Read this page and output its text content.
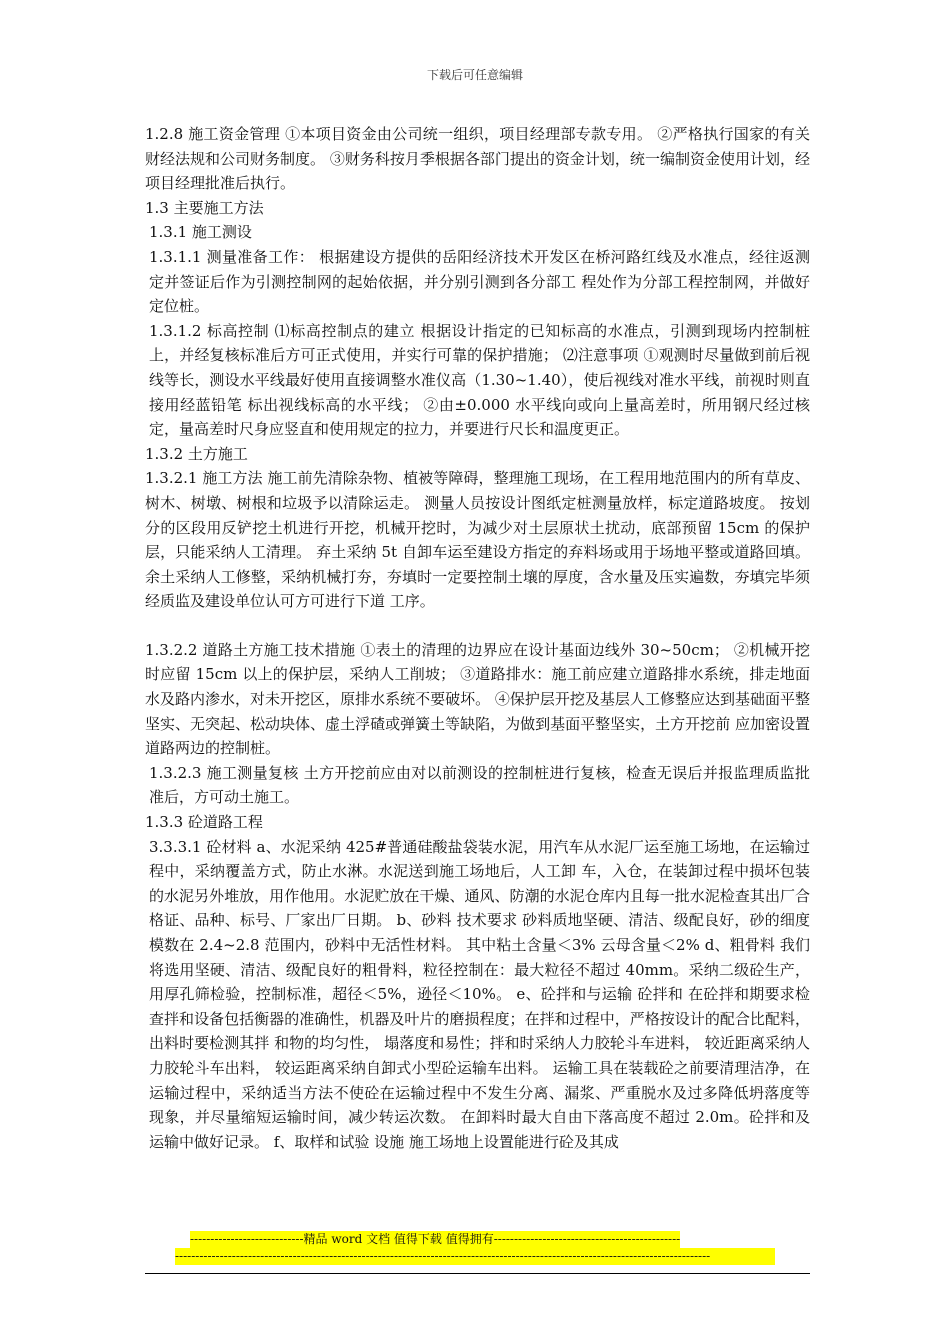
下载后可任意编辑

1.2.8 施工资金管理 ①本项目资金由公司统一组织，项目经理部专款专用。 ②严格执行国家的有关财经法规和公司财务制度。 ③财务科按月季根据各部门提出的资金计划，统一编制资金使用计划，经项目经理批准后执行。

1.3 主要施工方法

1.3.1 施工测设

1.3.1.1 测量准备工作： 根据建设方提供的岳阳经济技术开发区在桥河路红线及水准点，经往返测定并签证后作为引测控制网的起始依据，并分别引测到各分部工 程处作为分部工程控制网，并做好定位桩。

1.3.1.2 标高控制 ⑴标高控制点的建立 根据设计指定的已知标高的水准点，引测到现场内控制桩上，并经复核标准后方可正式使用，并实行可靠的保护措施； ⑵注意事项 ①观测时尽量做到前后视线等长，测设水平线最好使用直接调整水准仪高（1.30~1.40），使后视线对准水平线，前视时则直接用经蓝铅笔 标出视线标高的水平线； ②由±0.000 水平线向或向上量高差时，所用钢尺经过核定，量高差时尺身应竖直和使用规定的拉力，并要进行尺长和温度更正。

1.3.2 土方施工

1.3.2.1 施工方法 施工前先清除杂物、植被等障碍，整理施工现场，在工程用地范围内的所有草皮、树木、树墩、树根和垃圾予以清除运走。 测量人员按设计图纸定桩测量放样，标定道路坡度。 按划分的区段用反铲挖土机进行开挖，机械开挖时，为减少对土层原状土扰动，底部预留 15cm 的保护层，只能采纳人工清理。 弃土采纳 5t 自卸车运至建设方指定的弃料场或用于场地平整或道路回填。 余土采纳人工修整，采纳机械打夯，夯填时一定要控制土壤的厚度，含水量及压实遍数，夯填完毕须经质监及建设单位认可方可进行下道 工序。

1.3.2.2 道路土方施工技术措施 ①表土的清理的边界应在设计基面边线外 30~50cm； ②机械开挖时应留 15cm 以上的保护层，采纳人工削坡； ③道路排水：施工前应建立道路排水系统，排走地面水及路内渗水，对未开挖区，原排水系统不要破坏。 ④保护层开挖及基层人工修整应达到基础面平整坚实、无突起、松动块体、虚土浮碴或弹簧土等缺陷，为做到基面平整坚实，土方开挖前 应加密设置道路两边的控制桩。

1.3.2.3 施工测量复核 土方开挖前应由对以前测设的控制桩进行复核，检查无误后并报监理质监批准后，方可动土施工。

1.3.3 砼道路工程

3.3.3.1 砼材料 a、水泥采纳 425#普通硅酸盐袋装水泥，用汽车从水泥厂运至施工场地，在运输过程中，采纳覆盖方式，防止水淋。水泥送到施工场地后，人工卸 车，入仓，在装卸过程中损坏包装的水泥另外堆放，用作他用。水泥贮放在干燥、通风、防潮的水泥仓库内且每一批水泥检查其出厂合 格证、品种、标号、厂家出厂日期。 b、砂料 技术要求 砂料质地坚硬、清洁、级配良好，砂的细度模数在 2.4~2.8 范围内，砂料中无活性材料。 其中粘土含量＜3% 云母含量＜2% d、粗骨料 我们将选用坚硬、清洁、级配良好的粗骨料，粒径控制在：最大粒径不超过 40mm。采纳二级砼生产，用厚孔筛检验，控制标准，超径＜5%，逊径＜10%。 e、砼拌和与运输 砼拌和 在砼拌和期要求检查拌和设备包括衡器的准确性，机器及叶片的磨损程度；在拌和过程中，严格按设计的配合比配料，出料时要检测其拌 和物的均匀性， 塌落度和易性；拌和时采纳人力胶轮斗车进料， 较近距离采纳人力胶轮斗车出料， 较运距离采纳自卸式小型砼运输车出料。 运输工具在装载砼之前要清理洁净，在运输过程中，采纳适当方法不使砼在运输过程中不发生分离、漏浆、严重脱水及过多降低坍落度等 现象，并尽量缩短运输时间，减少转运次数。 在卸料时最大自由下落高度不超过 2.0m。砼拌和及运输中做好记录。 f、取样和试验 设施 施工场地上设置能进行砼及其成

----------------------------精品 word 文档 值得下载 值得拥有----------------------------------------------
------------------------------------------------------------------------------------------------------------------------------------
